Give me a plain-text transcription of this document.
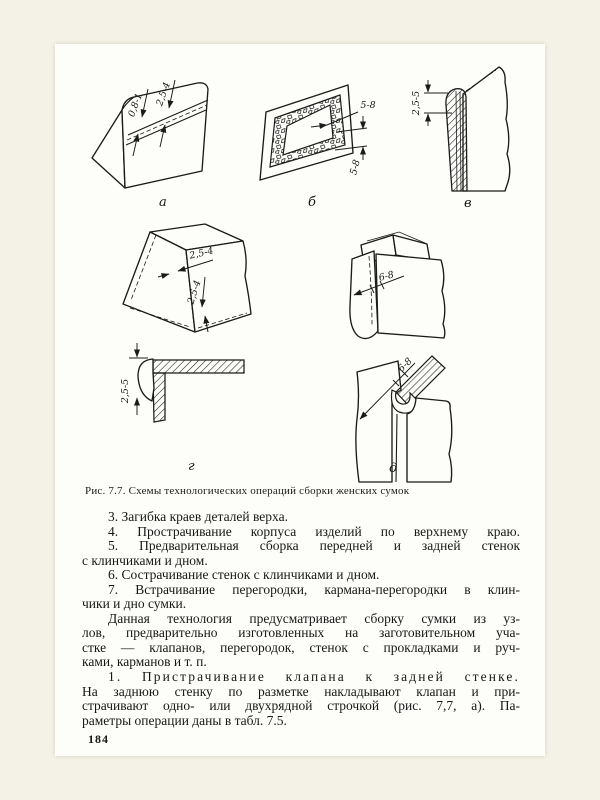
0,8-1 2,5-4
а
5-8
5-8
б
2,5-5
в
2,5-4
2,5-4
6-8
2,5-5
г
6-8
д
Рис. 7.7. Схемы технологических операций сборки женских сумок
3. Загибка краев деталей верха.
4. Прострачивание корпуса изделий по верхнему краю.
5. Предварительная сборка передней и задней стенок
с клинчиками и дном.
6. Сострачивание стенок с клинчиками и дном.
7. Встрачивание перегородки, кармана-перегородки в клин-
чики и дно сумки.
Данная технология предусматривает сборку сумки из уз-
лов, предварительно изготовленных на заготовительном уча-
стке — клапанов, перегородок, стенок с прокладками и руч-
ками, карманов и т. п.
1. Пристрачивание клапана к задней стенке.
На заднюю стенку по разметке накладывают клапан и при-
страчивают одно- или двухрядной строчкой (рис. 7,7, а). Па-
раметры операции даны в табл. 7.5.
184
